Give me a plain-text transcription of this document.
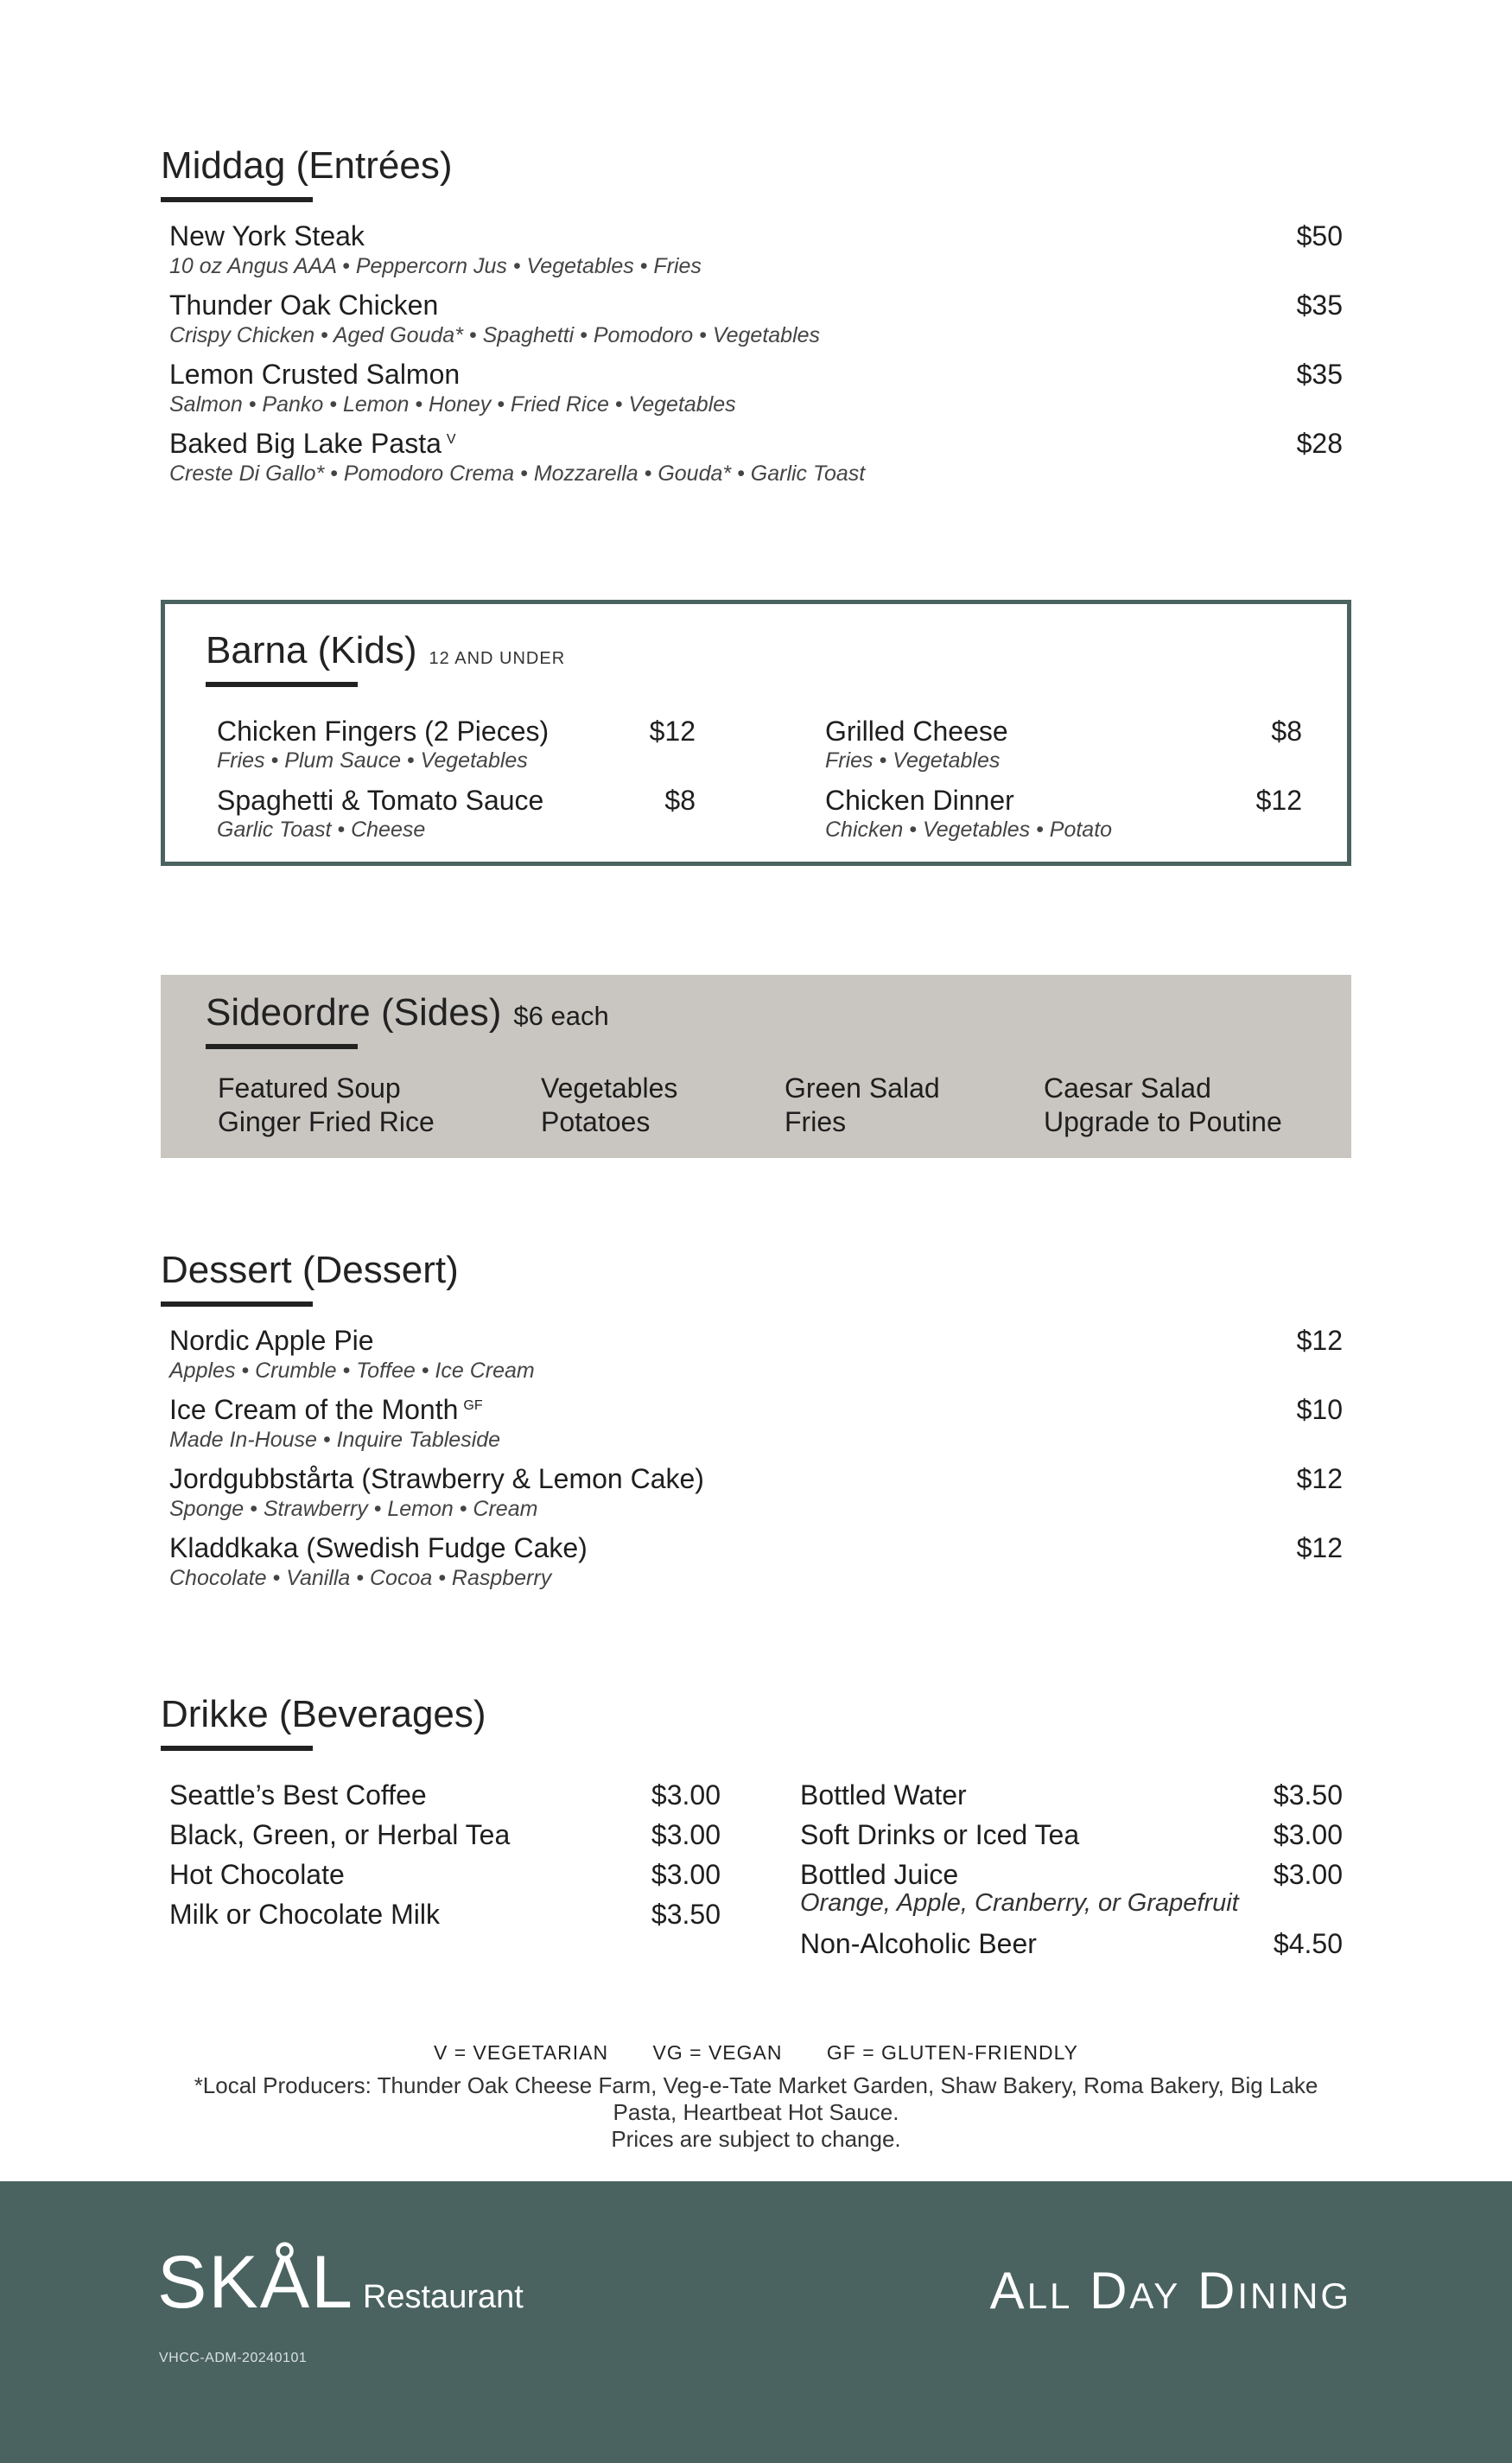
Middag (Entrées)
New York Steak
10 oz Angus AAA • Peppercorn Jus • Vegetables • Fries
$50
Thunder Oak Chicken
Crispy Chicken • Aged Gouda* • Spaghetti • Pomodoro • Vegetables
$35
Lemon Crusted Salmon
Salmon • Panko • Lemon • Honey • Fried Rice • Vegetables
$35
Baked Big Lake Pasta $^V$
Creste Di Gallo* • Pomodoro Crema • Mozzarella • Gouda* • Garlic Toast
$28
Barna (Kids) 12 AND UNDER
Chicken Fingers (2 Pieces)
Fries • Plum Sauce • Vegetables
$12
Spaghetti & Tomato Sauce
Garlic Toast • Cheese
$8
Grilled Cheese
Fries • Vegetables
$8
Chicken Dinner
Chicken • Vegetables • Potato
$12
Sideordre (Sides) $6 each
Featured Soup
Ginger Fried Rice
Vegetables
Potatoes
Green Salad
Fries
Caesar Salad
Upgrade to Poutine
Dessert (Dessert)
Nordic Apple Pie
Apples • Crumble • Toffee • Ice Cream
$12
Ice Cream of the Month $^{GF}$
Made In-House • Inquire Tableside
$10
Jordgubbstårta (Strawberry & Lemon Cake)
Sponge • Strawberry • Lemon • Cream
$12
Kladdkaka (Swedish Fudge Cake)
Chocolate • Vanilla • Cocoa • Raspberry
$12
Drikke (Beverages)
Seattle’s Best Coffee	$3.00
Black, Green, or Herbal Tea	$3.00
Hot Chocolate	$3.00
Milk or Chocolate Milk	$3.50
Bottled Water	$3.50
Soft Drinks or Iced Tea	$3.00
Bottled Juice
Orange, Apple, Cranberry, or Grapefruit
$3.00
Non-Alcoholic Beer	$4.50
V = VEGETARIAN VG = VEGAN GF = GLUTEN-FRIENDLY
*Local Producers: Thunder Oak Cheese Farm, Veg-e-Tate Market Garden, Shaw Bakery, Roma Bakery, Big Lake Pasta, Heartbeat Hot Sauce.
Prices are subject to change.
SKÅL Restaurant	All Day Dining
VHCC-ADM-20240101
